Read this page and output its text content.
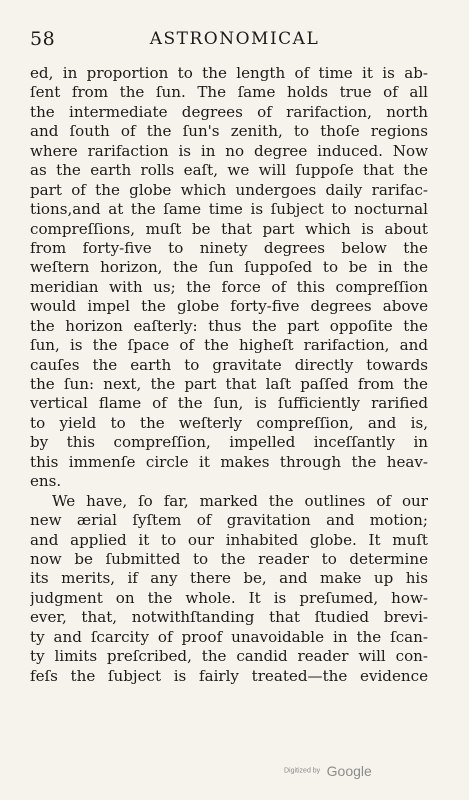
58	ASTRONOMICAL
ed, in proportion to the length of time it is ab-
ſent from the ſun. The ſame holds true of all
the intermediate degrees of rarifaction, north
and ſouth of the ſun's zenith, to thoſe regions
where rarifaction is in no degree induced. Now
as the earth rolls eaſt, we will ſuppoſe that the
part of the globe which undergoes daily rarifac-
tions,and at the ſame time is ſubject to nocturnal
compreſſions, muſt be that part which is about
from forty-five to ninety degrees below the
weſtern horizon, the ſun ſuppoſed to be in the
meridian with us; the force of this compreſſion
would impel the globe forty-five degrees above
the horizon eaſterly: thus the part oppoſite the
ſun, is the ſpace of the higheſt rarifaction, and
cauſes the earth to gravitate directly towards
the ſun: next, the part that laſt paſſed from the
vertical flame of the ſun, is ſufficiently rarified
to yield to the weſterly compreſſion, and is,
by this compreſſion, impelled inceſſantly in
this immenſe circle it makes through the heav-
ens.
We have, ſo far, marked the outlines of our
new ærial ſyſtem of gravitation and motion;
and applied it to our inhabited globe. It muſt
now be ſubmitted to the reader to determine
its merits, if any there be, and make up his
judgment on the whole. It is preſumed, how-
ever, that, notwithſtanding that ſtudied brevi-
ty and ſcarcity of proof unavoidable in the ſcan-
ty limits preſcribed, the candid reader will con-
feſs the ſubject is fairly treated—the evidence
Digitized by Google
